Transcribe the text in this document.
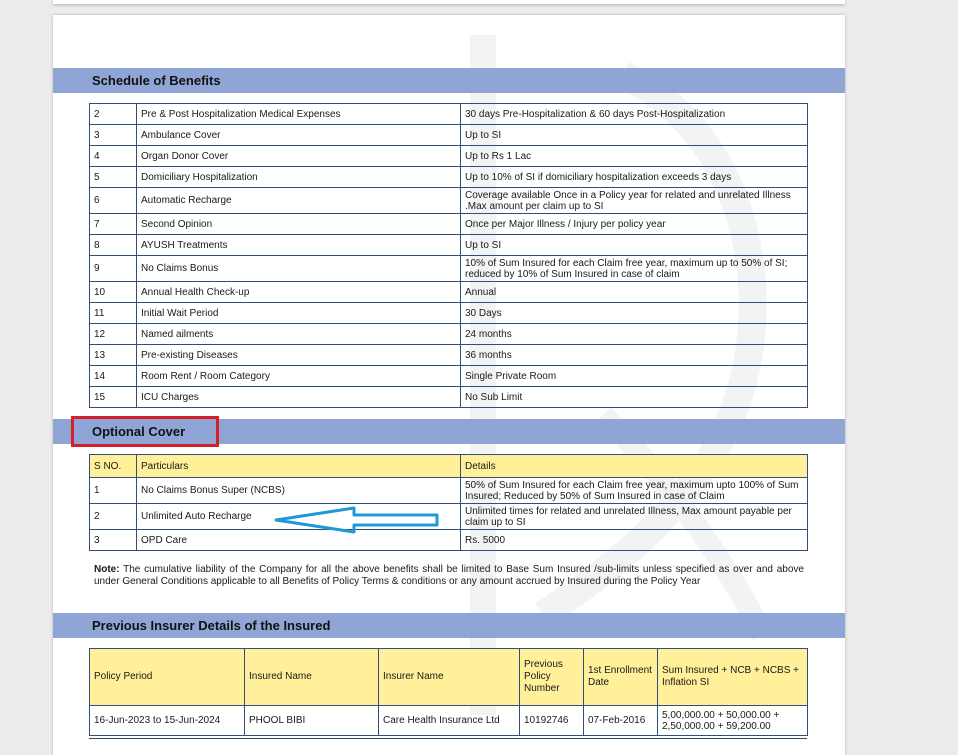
Schedule of Benefits
2	Pre & Post Hospitalization Medical Expenses	30 days Pre-Hospitalization & 60 days Post-Hospitalization
3	Ambulance Cover	Up to SI
4	Organ Donor Cover	Up to Rs 1 Lac
5	Domiciliary Hospitalization	Up to 10% of SI if domiciliary hospitalization exceeds 3 days
6	Automatic Recharge	Coverage available Once in a Policy year for related and unrelated Illness .Max amount per claim up to SI
7	Second Opinion	Once per Major Illness / Injury per policy year
8	AYUSH Treatments	Up to SI
9	No Claims Bonus	10% of Sum Insured for each Claim free year, maximum up to 50% of SI; reduced by 10% of Sum Insured in case of claim
10	Annual Health Check-up	Annual
11	Initial Wait Period	30 Days
12	Named ailments	24 months
13	Pre-existing Diseases	36 months
14	Room Rent / Room Category	Single Private Room
15	ICU Charges	No Sub Limit
Optional Cover
S NO.	Particulars	Details
1	No Claims Bonus Super (NCBS)	50% of Sum Insured for each Claim free year, maximum upto 100% of Sum Insured; Reduced by 50% of Sum Insured in case of Claim
2	Unlimited Auto Recharge	Unlimited times for related and unrelated Illness, Max amount payable per claim up to SI
3	OPD Care	Rs. 5000
Note: The cumulative liability of the Company for all the above benefits shall be limited to Base Sum Insured /sub-limits unless specified as over and above under General Conditions applicable to all Benefits of Policy Terms & conditions or any amount accrued by Insured during the Policy Year
Previous Insurer Details of the Insured
Policy Period	Insured Name	Insurer Name	Previous Policy Number	1st Enrollment Date	Sum Insured + NCB + NCBS + Inflation SI
16-Jun-2023 to 15-Jun-2024	PHOOL BIBI	Care Health Insurance Ltd	10192746	07-Feb-2016	5,00,000.00 + 50,000.00 + 2,50,000.00 + 59,200.00
